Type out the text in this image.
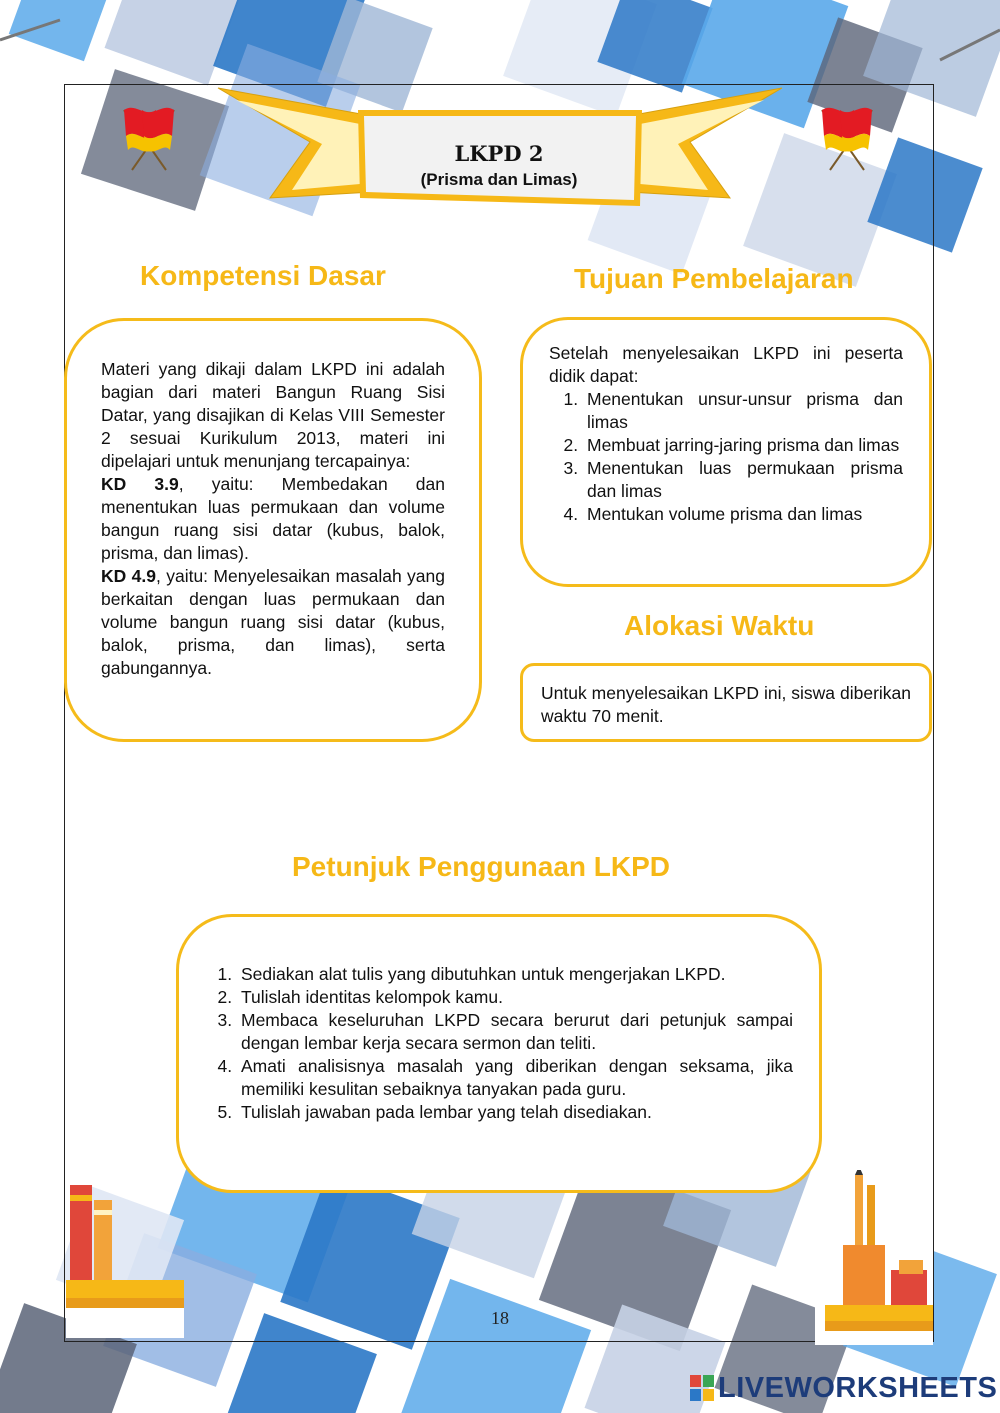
LKPD 2
(Prisma dan Limas)
Kompetensi Dasar
Materi yang dikaji dalam LKPD ini adalah bagian dari materi Bangun Ruang Sisi Datar, yang disajikan di Kelas VIII Semester 2 sesuai Kurikulum 2013, materi ini dipelajari untuk menunjang tercapainya:
KD 3.9, yaitu: Membedakan dan menentukan luas permukaan dan volume bangun ruang sisi datar (kubus, balok, prisma, dan limas).
KD 4.9, yaitu: Menyelesaikan masalah yang berkaitan dengan luas permukaan dan volume bangun ruang sisi datar (kubus, balok, prisma, dan limas), serta gabungannya.
Tujuan Pembelajaran
Setelah menyelesaikan LKPD ini peserta didik dapat:
1. Menentukan unsur-unsur prisma dan limas
2. Membuat jarring-jaring prisma dan limas
3. Menentukan luas permukaan prisma dan limas
4. Mentukan volume prisma dan limas
Alokasi Waktu
Untuk menyelesaikan LKPD ini, siswa diberikan waktu 70 menit.
Petunjuk Penggunaan LKPD
1. Sediakan alat tulis yang dibutuhkan untuk mengerjakan LKPD.
2. Tulislah identitas kelompok kamu.
3. Membaca keseluruhan LKPD secara berurut dari petunjuk sampai dengan lembar kerja secara sermon dan teliti.
4. Amati analisisnya masalah yang diberikan dengan seksama, jika memiliki kesulitan sebaiknya tanyakan pada guru.
5. Tulislah jawaban pada lembar yang telah disediakan.
18
LIVEWORKSHEETS
